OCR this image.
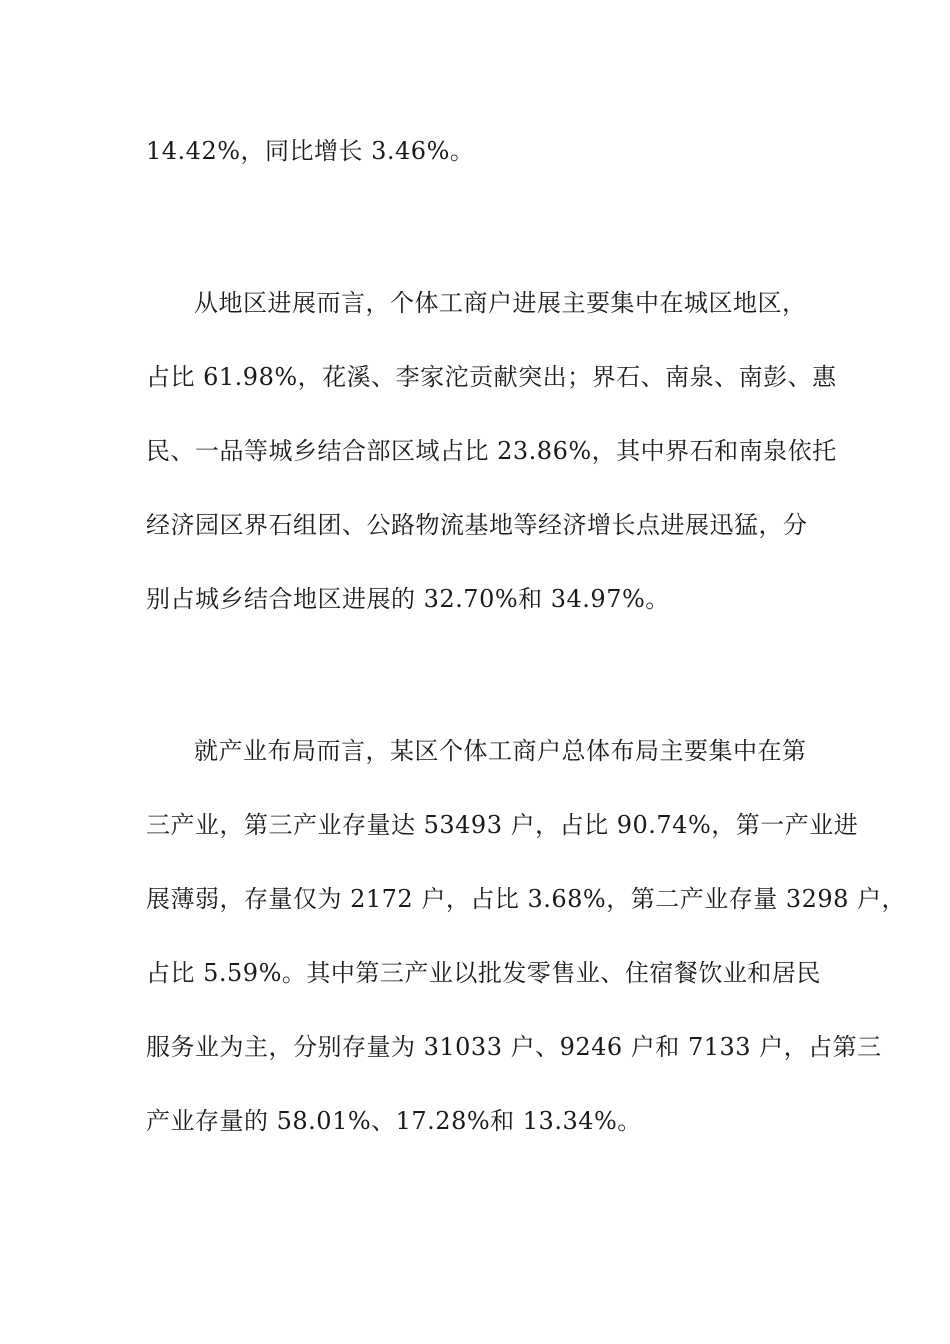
14.42%，同比增长 3.46%。
从地区进展而言，个体工商户进展主要集中在城区地区，
占比 61.98%，花溪、李家沱贡献突出；界石、南泉、南彭、惠
民、一品等城乡结合部区域占比 23.86%，其中界石和南泉依托
经济园区界石组团、公路物流基地等经济增长点进展迅猛，分
别占城乡结合地区进展的 32.70%和 34.97%。
就产业布局而言，某区个体工商户总体布局主要集中在第
三产业，第三产业存量达 53493 户，占比 90.74%，第一产业进
展薄弱，存量仅为 2172 户，占比 3.68%，第二产业存量 3298 户，
占比 5.59%。其中第三产业以批发零售业、住宿餐饮业和居民
服务业为主，分别存量为 31033 户、9246 户和 7133 户，占第三
产业存量的 58.01%、17.28%和 13.34%。
